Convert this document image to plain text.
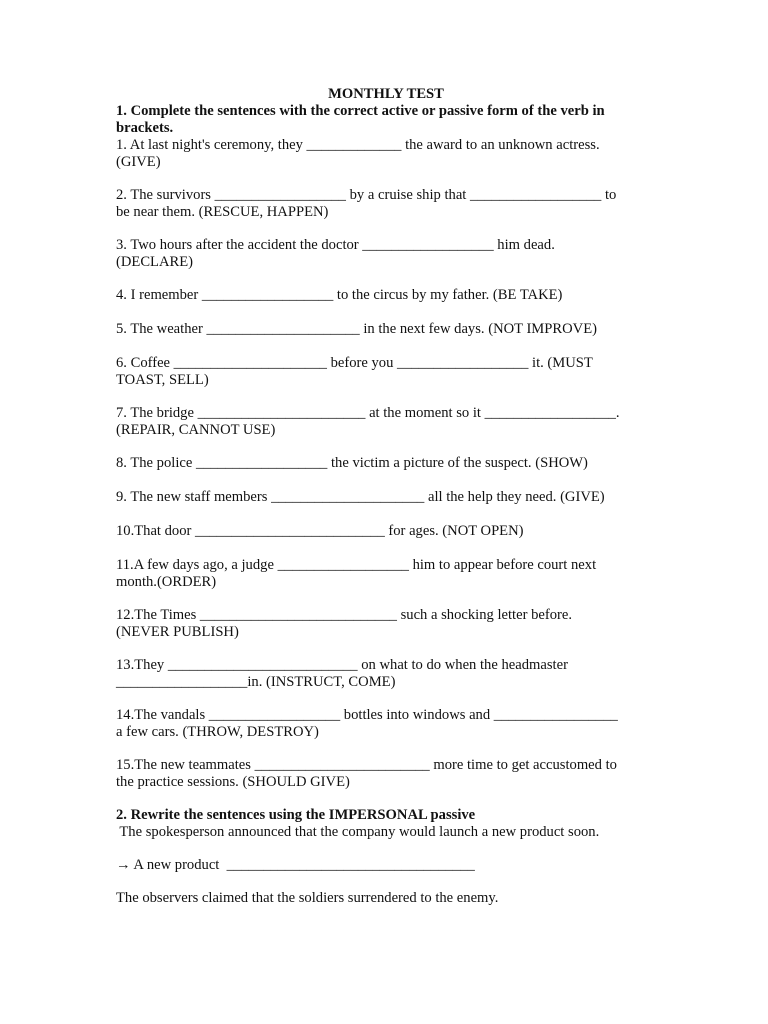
MONTHLY TEST
1. Complete the sentences with the correct active or passive form of the verb in
brackets.
1. At last night's ceremony, they _____________ the award to an unknown actress.
(GIVE)
2. The survivors __________________ by a cruise ship that __________________ to
be near them. (RESCUE, HAPPEN)
3. Two hours after the accident the doctor __________________ him dead.
(DECLARE)
4. I remember __________________ to the circus by my father. (BE TAKE)
5. The weather _____________________ in the next few days. (NOT IMPROVE)
6. Coffee _____________________ before you __________________ it. (MUST
TOAST, SELL)
7. The bridge _______________________ at the moment so it __________________.
(REPAIR, CANNOT USE)
8. The police __________________ the victim a picture of the suspect. (SHOW)
9. The new staff members _____________________ all the help they need. (GIVE)
10.That door __________________________ for ages. (NOT OPEN)
11.A few days ago, a judge __________________ him to appear before court next
month.(ORDER)
12.The Times ___________________________ such a shocking letter before.
(NEVER PUBLISH)
13.They __________________________ on what to do when the headmaster
__________________in. (INSTRUCT, COME)
14.The vandals __________________ bottles into windows and _________________
a few cars. (THROW, DESTROY)
15.The new teammates ________________________ more time to get accustomed to
the practice sessions. (SHOULD GIVE)
2. Rewrite the sentences using the IMPERSONAL passive
The spokesperson announced that the company would launch a new product soon.
→ A new product  __________________________________
The observers claimed that the soldiers surrendered to the enemy.
